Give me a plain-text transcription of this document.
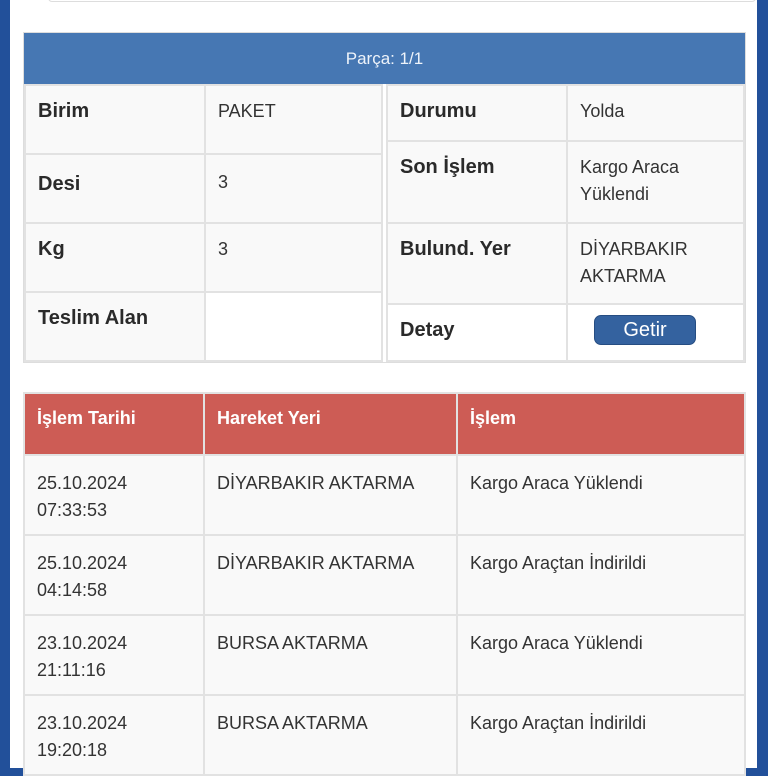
Parça: 1/1
Birim	PAKET
Desi	3
Kg	3
Teslim Alan	
Durumu	Yolda
Son İşlem	Kargo Araca Yüklendi
Bulund. Yer	DİYARBAKIR AKTARMA
Detay	Getir
İşlem Tarihi	Hareket Yeri	İşlem

25.10.2024
07:33:53	DİYARBAKIR AKTARMA	Kargo Araca Yüklendi

25.10.2024
04:14:58	DİYARBAKIR AKTARMA	Kargo Araçtan İndirildi

23.10.2024
21:11:16	BURSA AKTARMA	Kargo Araca Yüklendi

23.10.2024
19:20:18	BURSA AKTARMA	Kargo Araçtan İndirildi
